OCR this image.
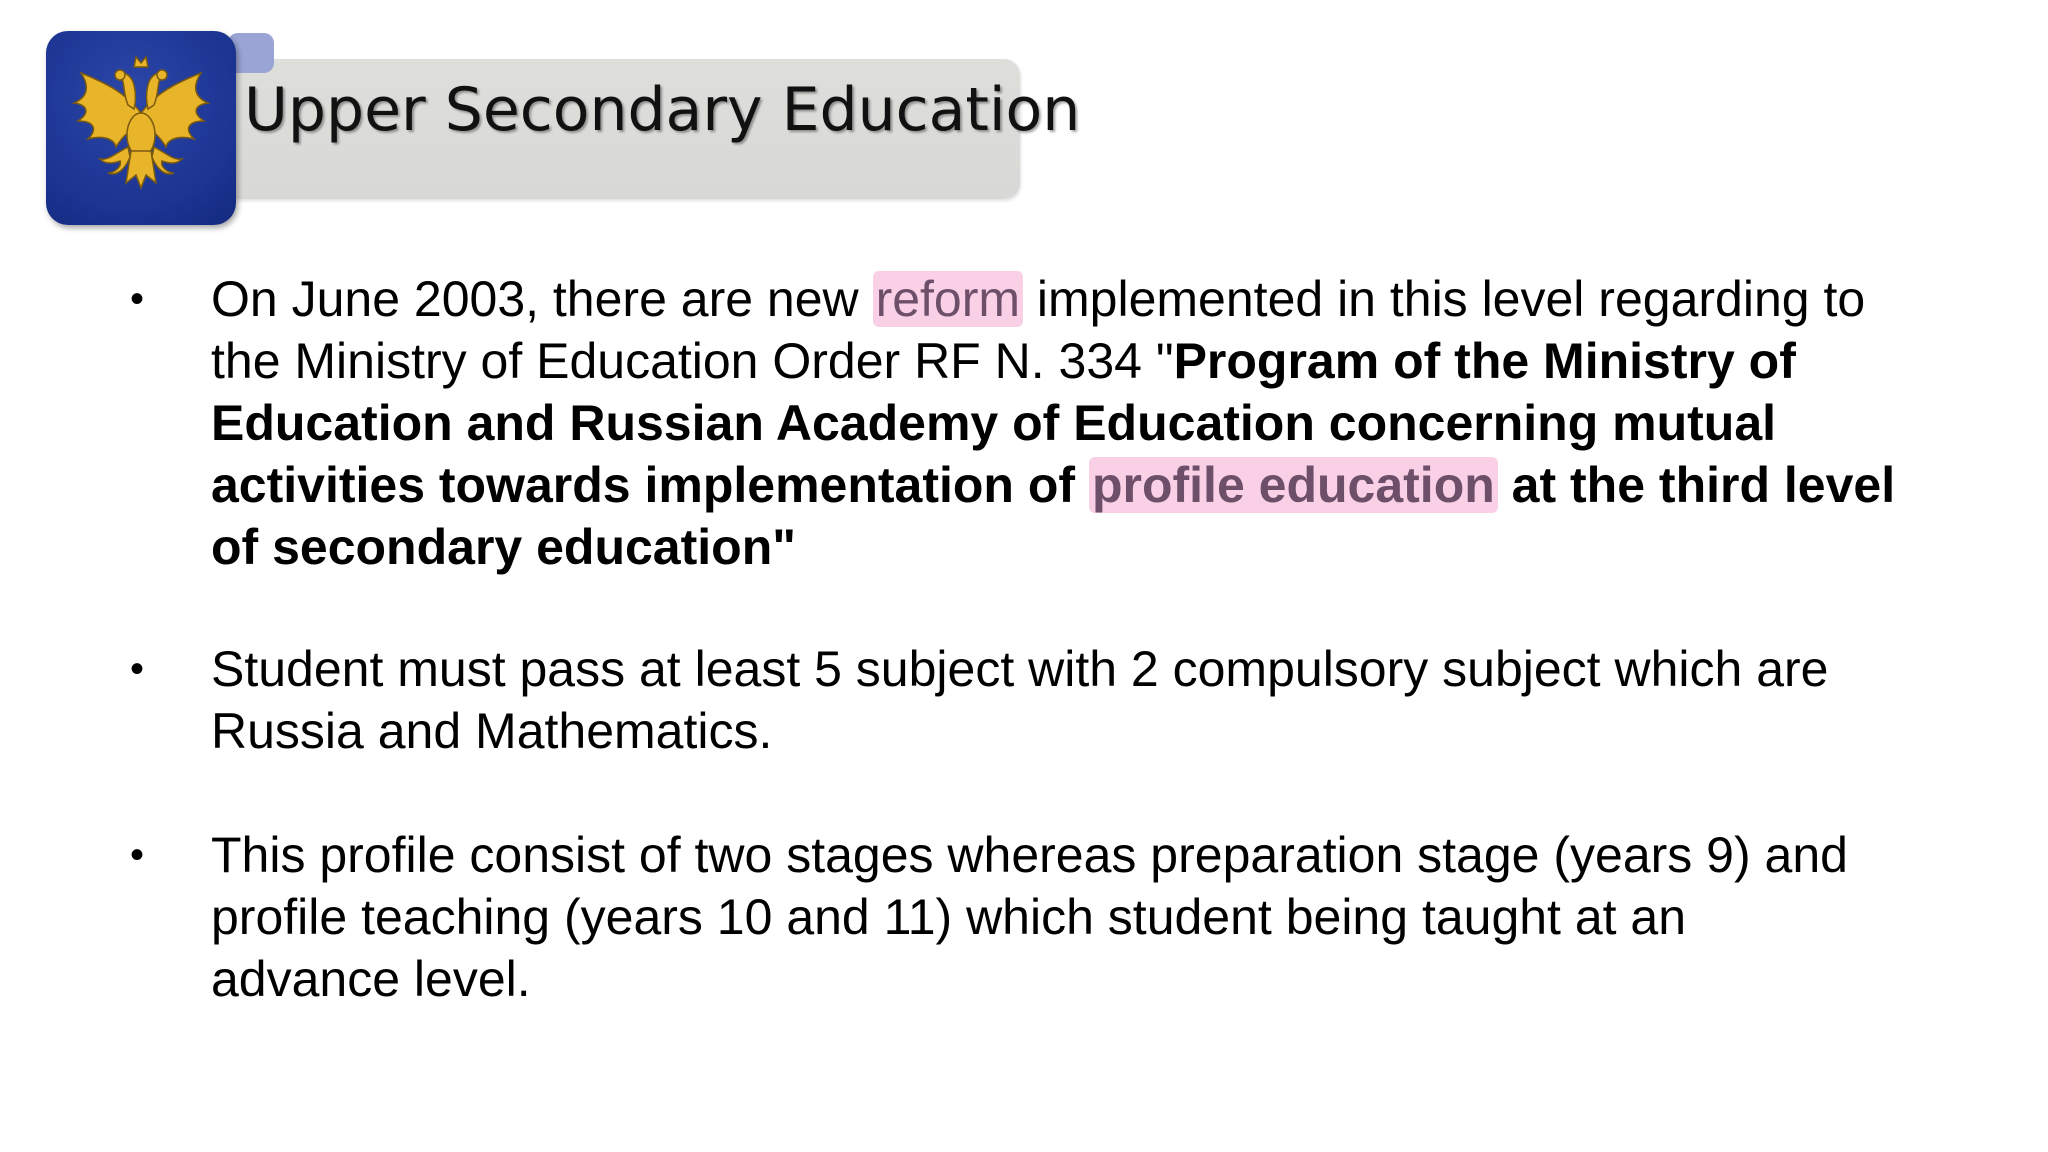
Upper Secondary Education
• On June 2003, there are new reform implemented in this level regarding to
the Ministry of Education Order RF N. 334 "Program of the Ministry of
Education and Russian Academy of Education concerning mutual
activities towards implementation of profile education at the third level
of secondary education"
• Student must pass at least 5 subject with 2 compulsory subject which are
Russia and Mathematics.
• This profile consist of two stages whereas preparation stage (years 9) and
profile teaching (years 10 and 11) which student being taught at an
advance level.
